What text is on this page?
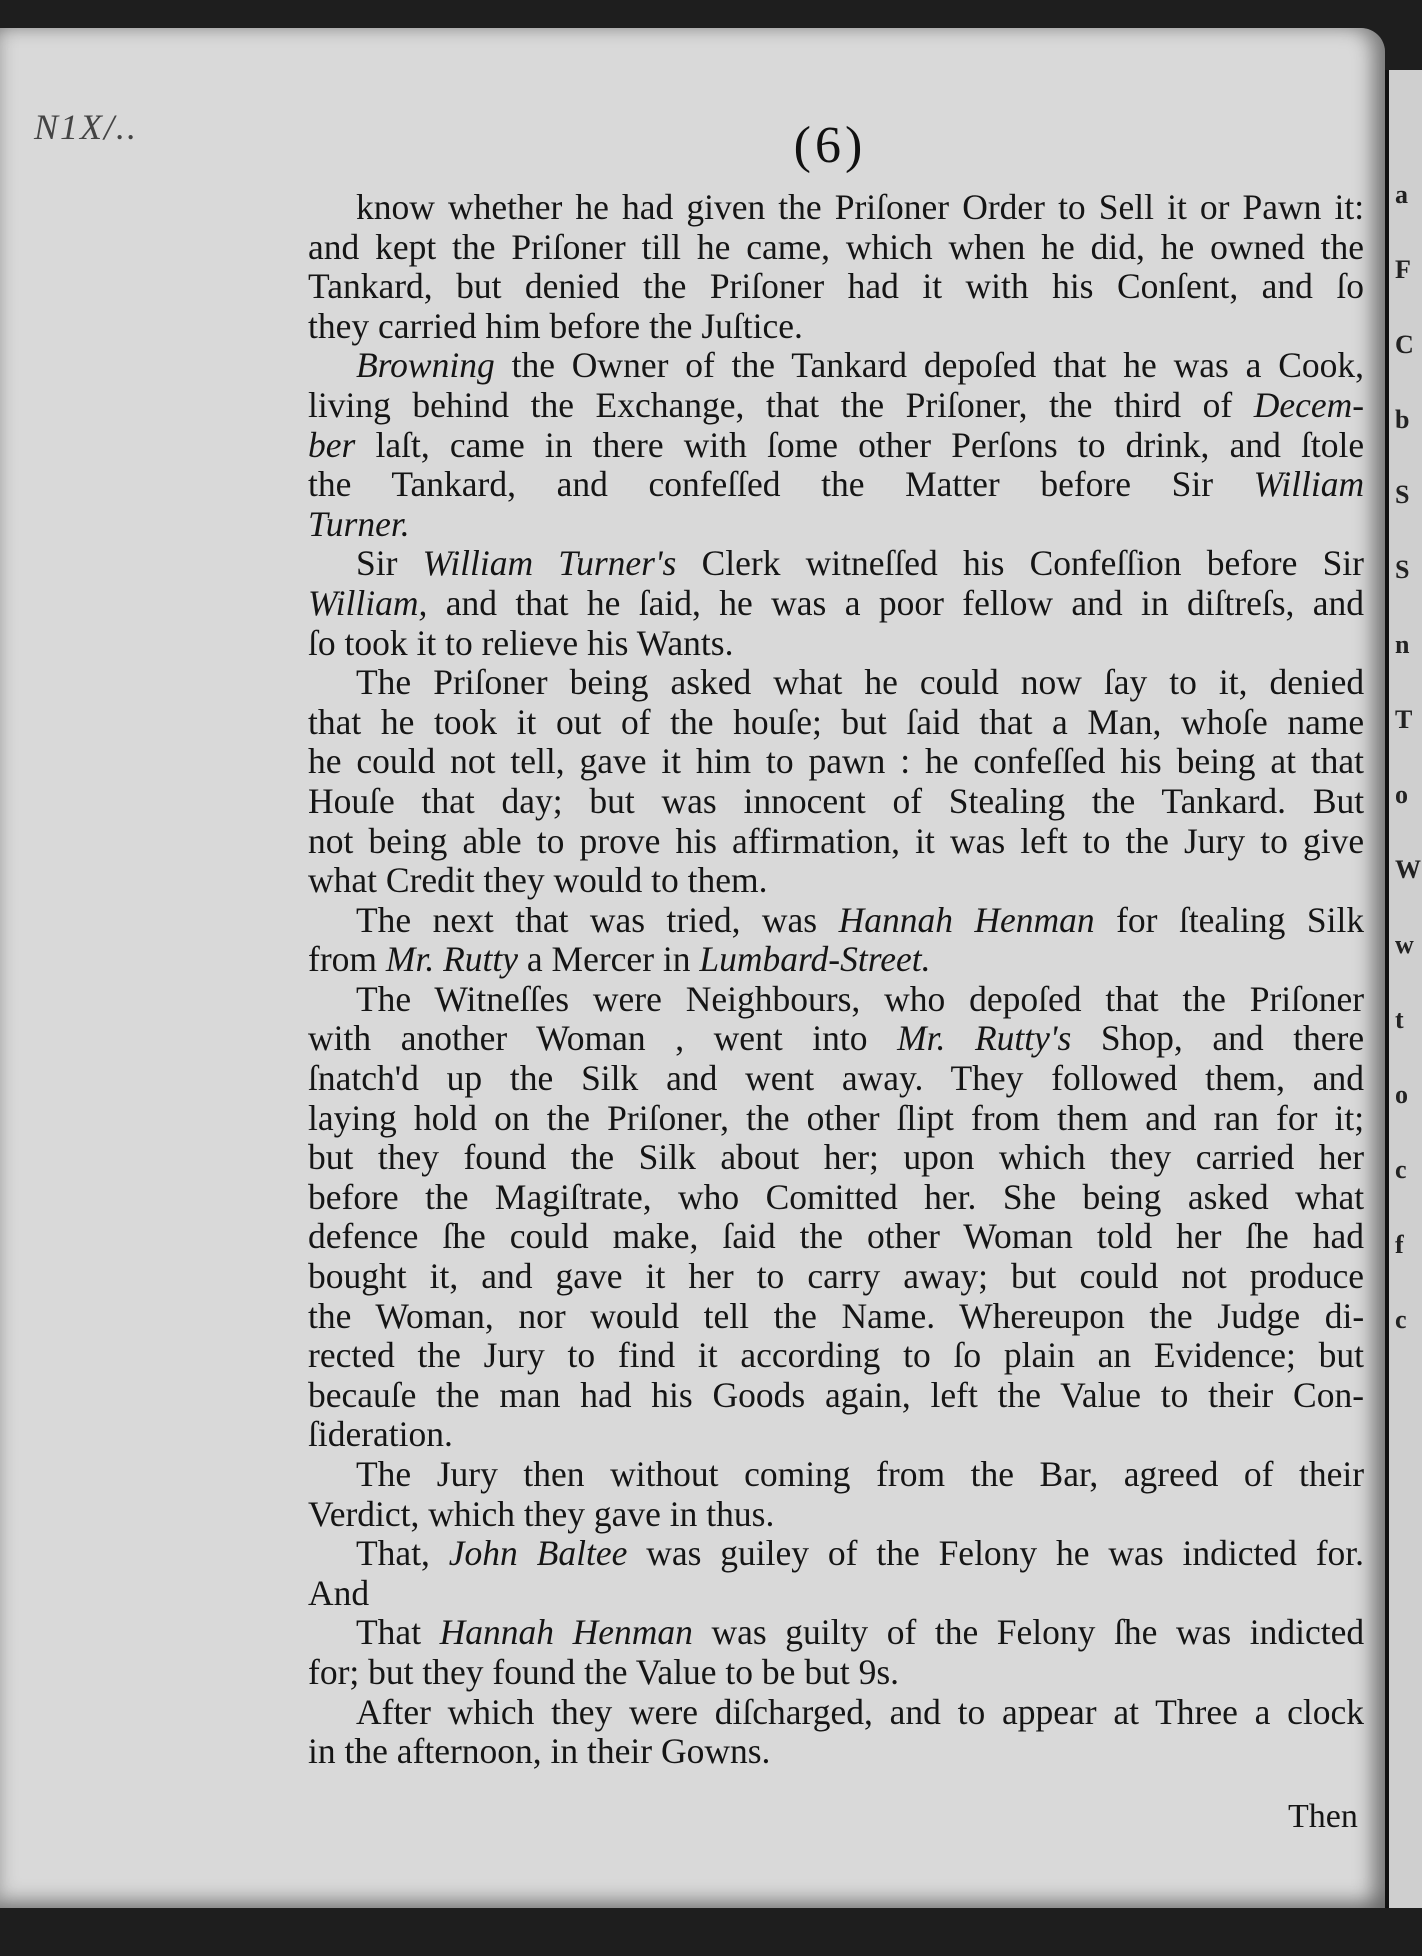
a
F
C
b
S
S
n
T
o
W
w
t
o
c
f
c
N1X/..	(6)
know whether he had given the Priſoner Order to Sell it or Pawn it:
and kept the Priſoner till he came, which when he did, he owned the
Tankard, but denied the Priſoner had it with his Conſent, and ſo
they carried him before the Juſtice.
Browning the Owner of the Tankard depoſed that he was a Cook,
living behind the Exchange, that the Priſoner, the third of Decem-
ber laſt, came in there with ſome other Perſons to drink, and ſtole
the Tankard, and confeſſed the Matter before Sir William
Turner.
Sir William Turner's Clerk witneſſed his Confeſſion before Sir
William, and that he ſaid, he was a poor fellow and in diſtreſs, and
ſo took it to relieve his Wants.
The Priſoner being asked what he could now ſay to it, denied
that he took it out of the houſe; but ſaid that a Man, whoſe name
he could not tell, gave it him to pawn : he confeſſed his being at that
Houſe that day; but was innocent of Stealing the Tankard. But
not being able to prove his affirmation, it was left to the Jury to give
what Credit they would to them.
The next that was tried, was Hannah Henman for ſtealing Silk
from Mr. Rutty a Mercer in Lumbard-Street.
The Witneſſes were Neighbours, who depoſed that the Priſoner
with another Woman , went into Mr. Rutty's Shop, and there
ſnatch'd up the Silk and went away. They followed them, and
laying hold on the Priſoner, the other ſlipt from them and ran for it;
but they found the Silk about her; upon which they carried her
before the Magiſtrate, who Comitted her. She being asked what
defence ſhe could make, ſaid the other Woman told her ſhe had
bought it, and gave it her to carry away; but could not produce
the Woman, nor would tell the Name. Whereupon the Judge di-
rected the Jury to find it according to ſo plain an Evidence; but
becauſe the man had his Goods again, left the Value to their Con-
ſideration.
The Jury then without coming from the Bar, agreed of their
Verdict, which they gave in thus.
That, John Baltee was guiley of the Felony he was indicted for.
And
That Hannah Henman was guilty of the Felony ſhe was indicted
for; but they found the Value to be but 9s.
After which they were diſcharged, and to appear at Three a clock
in the afternoon, in their Gowns.
Then
